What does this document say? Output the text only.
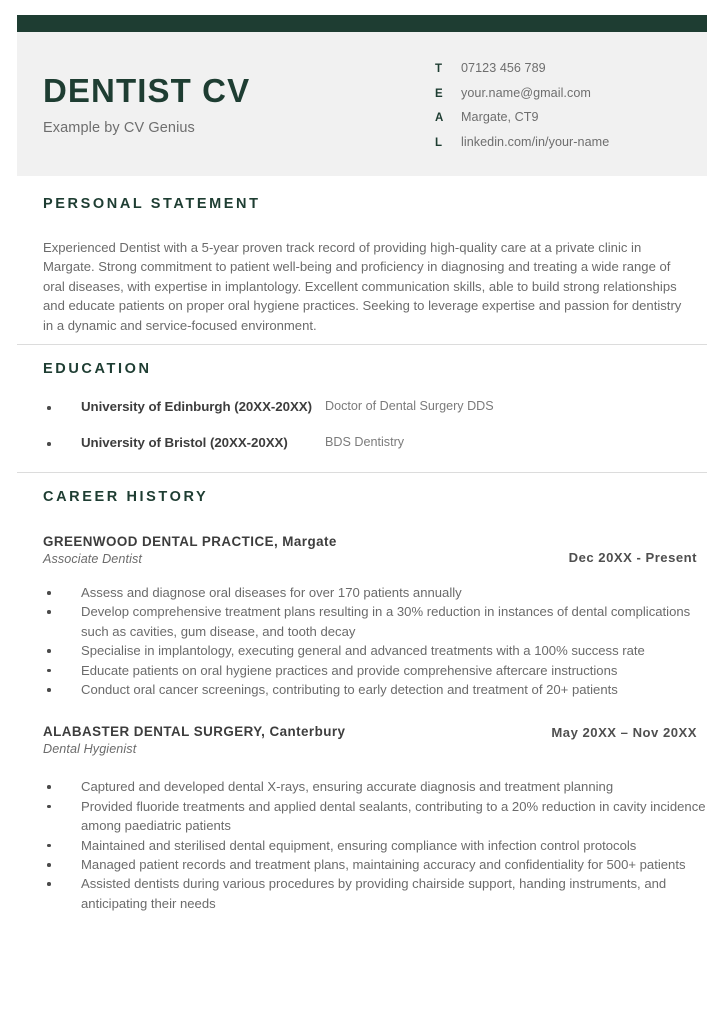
DENTIST CV
Example by CV Genius
T	07123 456 789
E	your.name@gmail.com
A	Margate, CT9
L	linkedin.com/in/your-name
PERSONAL STATEMENT
Experienced Dentist with a 5-year proven track record of providing high-quality care at a private clinic in Margate. Strong commitment to patient well-being and proficiency in diagnosing and treating a wide range of oral diseases, with expertise in implantology. Excellent communication skills, able to build strong relationships and educate patients on proper oral hygiene practices. Seeking to leverage expertise and passion for dentistry in a dynamic and service-focused environment.
EDUCATION
University of Edinburgh (20XX-20XX)	Doctor of Dental Surgery DDS
University of Bristol (20XX-20XX)	BDS Dentistry
CAREER HISTORY
GREENWOOD DENTAL PRACTICE, Margate
Associate Dentist	Dec 20XX - Present
Assess and diagnose oral diseases for over 170 patients annually
Develop comprehensive treatment plans resulting in a 30% reduction in instances of dental complications such as cavities, gum disease, and tooth decay
Specialise in implantology, executing general and advanced treatments with a 100% success rate
Educate patients on oral hygiene practices and provide comprehensive aftercare instructions
Conduct oral cancer screenings, contributing to early detection and treatment of 20+ patients
ALABASTER DENTAL SURGERY, Canterbury
Dental Hygienist
May 20XX – Nov 20XX
Captured and developed dental X-rays, ensuring accurate diagnosis and treatment planning
Provided fluoride treatments and applied dental sealants, contributing to a 20% reduction in cavity incidence among paediatric patients
Maintained and sterilised dental equipment, ensuring compliance with infection control protocols
Managed patient records and treatment plans, maintaining accuracy and confidentiality for 500+ patients
Assisted dentists during various procedures by providing chairside support, handing instruments, and anticipating their needs
